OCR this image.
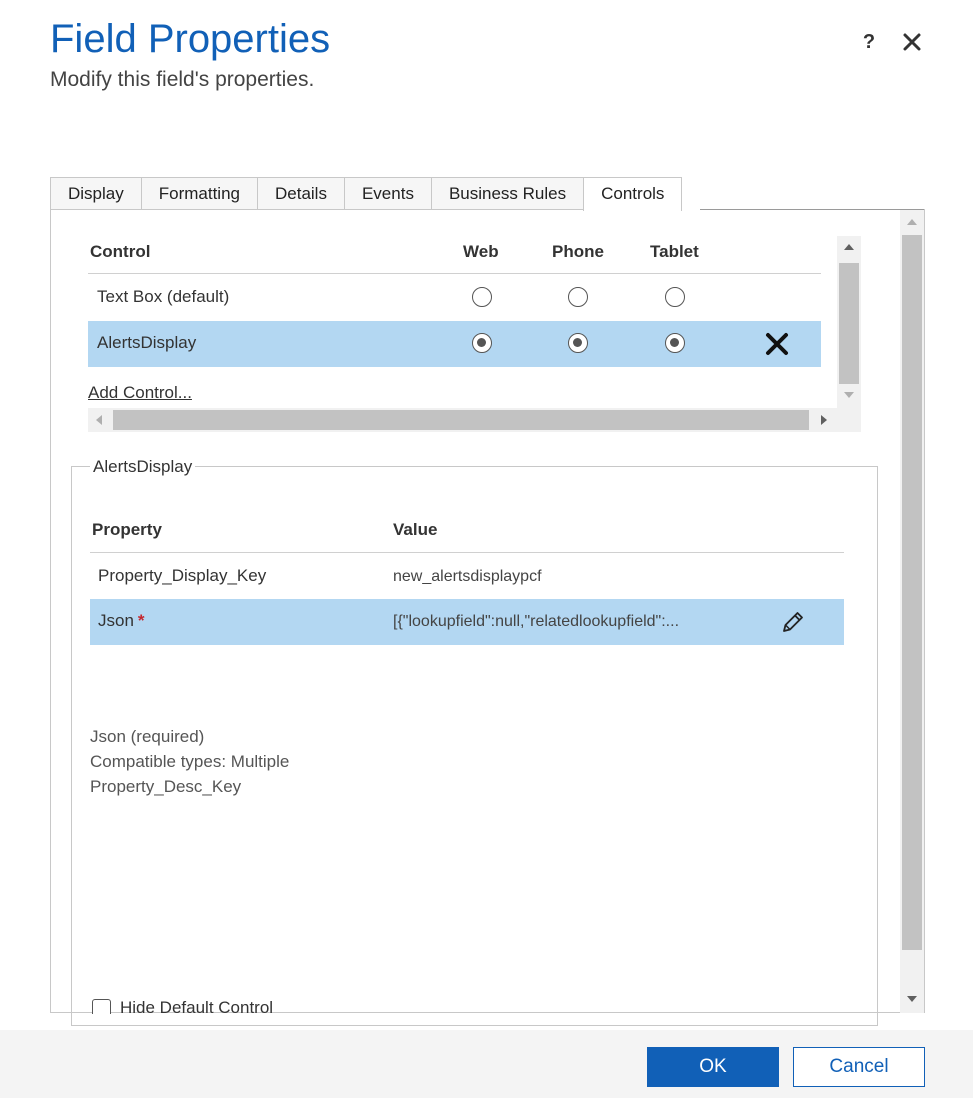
Field Properties
Modify this field's properties.
?
Display	Formatting	Details	Events	Business Rules	Controls
Control	Web	Phone	Tablet
Text Box (default)
AlertsDisplay
Add Control...
AlertsDisplay
Property	Value
Property_Display_Key	new_alertsdisplaypcf
Json *	[{"lookupfield":null,"relatedlookupfield":...
Json (required)
Compatible types: Multiple
Property_Desc_Key
Hide Default Control
OK	Cancel
